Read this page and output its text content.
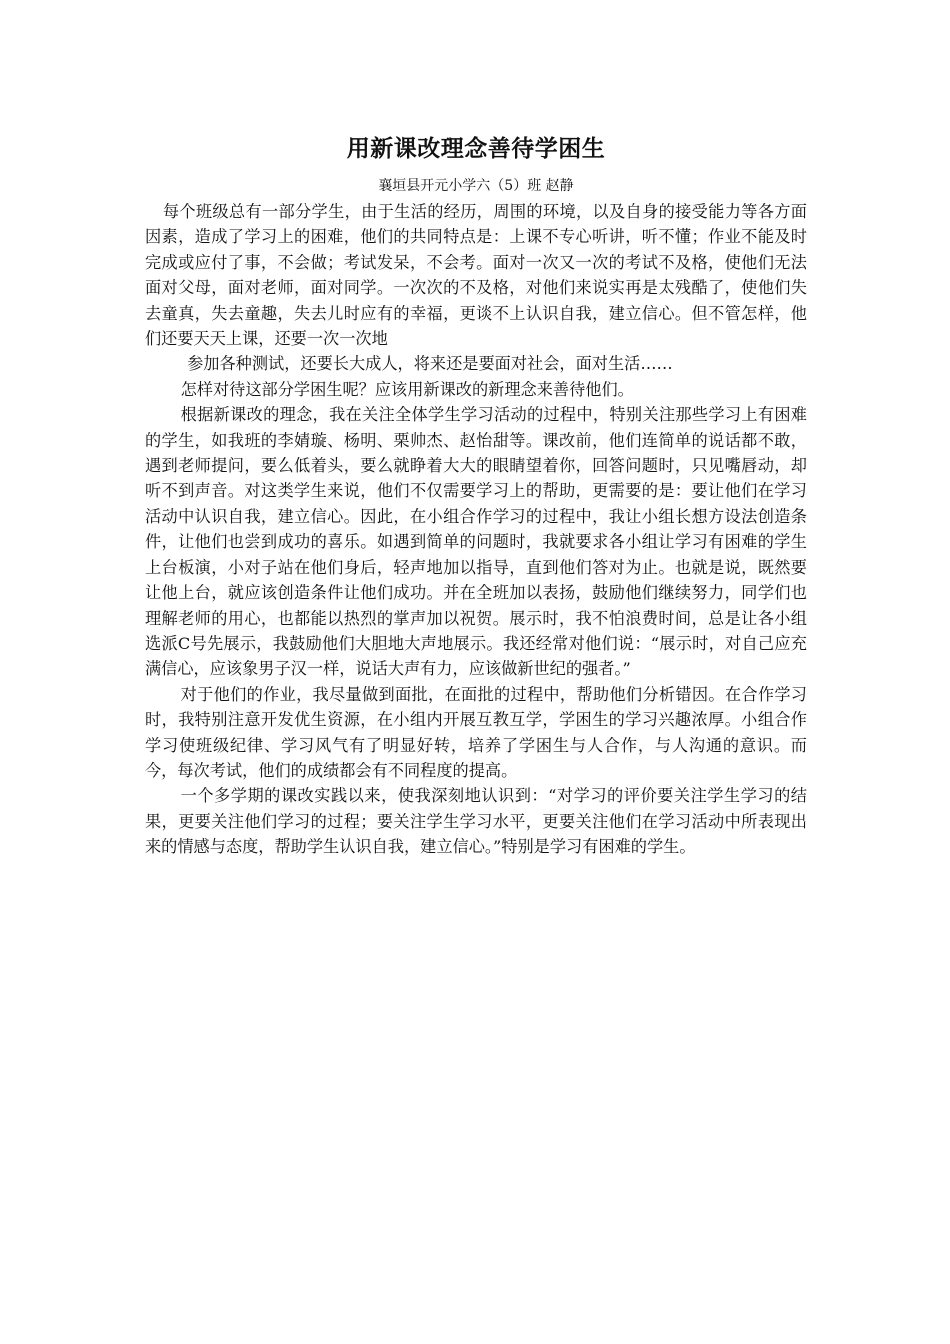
用新课改理念善待学困生
襄垣县开元小学六（5）班 赵静

每个班级总有一部分学生，由于生活的经历，周围的环境，以及自身的接受能力等各方面因素，造成了学习上的困难，他们的共同特点是：上课不专心听讲，听不懂；作业不能及时完成或应付了事，不会做；考试发呆，不会考。面对一次又一次的考试不及格，使他们无法面对父母，面对老师，面对同学。一次次的不及格，对他们来说实再是太残酷了，使他们失去童真，失去童趣，失去儿时应有的幸福，更谈不上认识自我，建立信心。但不管怎样，他们还要天天上课，还要一次一次地

参加各种测试，还要长大成人，将来还是要面对社会，面对生活……

怎样对待这部分学困生呢？应该用新课改的新理念来善待他们。

根据新课改的理念，我在关注全体学生学习活动的过程中，特别关注那些学习上有困难的学生，如我班的李婧璇、杨明、栗帅杰、赵怡甜等。课改前，他们连简单的说话都不敢，遇到老师提问，要么低着头，要么就睁着大大的眼睛望着你，回答问题时，只见嘴唇动，却听不到声音。对这类学生来说，他们不仅需要学习上的帮助，更需要的是：要让他们在学习活动中认识自我，建立信心。因此，在小组合作学习的过程中，我让小组长想方设法创造条件，让他们也尝到成功的喜乐。如遇到简单的问题时，我就要求各小组让学习有困难的学生上台板演，小对子站在他们身后，轻声地加以指导，直到他们答对为止。也就是说，既然要让他上台，就应该创造条件让他们成功。并在全班加以表扬，鼓励他们继续努力，同学们也理解老师的用心，也都能以热烈的掌声加以祝贺。展示时，我不怕浪费时间，总是让各小组选派C号先展示，我鼓励他们大胆地大声地展示。我还经常对他们说：“展示时，对自己应充满信心，应该象男子汉一样，说话大声有力，应该做新世纪的强者。”

对于他们的作业，我尽量做到面批，在面批的过程中，帮助他们分析错因。在合作学习时，我特别注意开发优生资源，在小组内开展互教互学，学困生的学习兴趣浓厚。小组合作学习使班级纪律、学习风气有了明显好转，培养了学困生与人合作，与人沟通的意识。而今，每次考试，他们的成绩都会有不同程度的提高。

一个多学期的课改实践以来，使我深刻地认识到：“对学习的评价要关注学生学习的结果，更要关注他们学习的过程；要关注学生学习水平，更要关注他们在学习活动中所表现出来的情感与态度，帮助学生认识自我，建立信心。”特别是学习有困难的学生。
